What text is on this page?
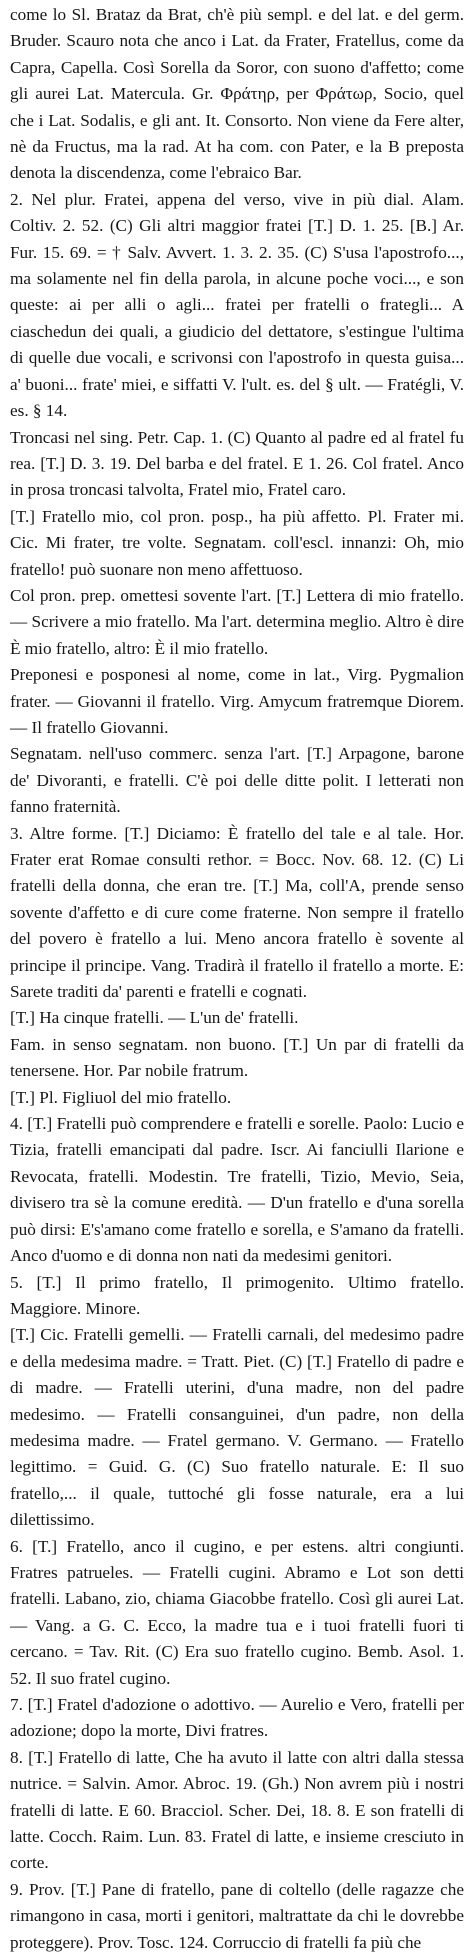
come lo Sl. Brataz da Brat, ch'è più sempl. e del lat. e del germ. Bruder. Scauro nota che anco i Lat. da Frater, Fratellus, come da Capra, Capella. Così Sorella da Soror, con suono d'affetto; come gli aurei Lat. Matercula. Gr. Φράτηρ, per Φράτωρ, Socio, quel che i Lat. Sodalis, e gli ant. It. Consorto. Non viene da Fere alter, nè da Fructus, ma la rad. At ha com. con Pater, e la B preposta denota la discendenza, come l'ebraico Bar.

2. Nel plur. Fratei, appena del verso, vive in più dial. Alam. Coltiv. 2. 52. (C) Gli altri maggior fratei [T.] D. 1. 25. [B.] Ar. Fur. 15. 69. = † Salv. Avvert. 1. 3. 2. 35. (C) S'usa l'apostrofo..., ma solamente nel fin della parola, in alcune poche voci..., e son queste: ai per alli o agli... fratei per fratelli o frategli... A ciaschedun dei quali, a giudicio del dettatore, s'estingue l'ultima di quelle due vocali, e scrivonsi con l'apostrofo in questa guisa... a' buoni... frate' miei, e siffatti V. l'ult. es. del § ult. — Fratégli, V. es. § 14.

Troncasi nel sing. Petr. Cap. 1. (C) Quanto al padre ed al fratel fu rea. [T.] D. 3. 19. Del barba e del fratel. E 1. 26. Col fratel. Anco in prosa troncasi talvolta, Fratel mio, Fratel caro.

[T.] Fratello mio, col pron. posp., ha più affetto. Pl. Frater mi. Cic. Mi frater, tre volte. Segnatam. coll'escl. innanzi: Oh, mio fratello! può suonare non meno affettuoso.

Col pron. prep. omettesi sovente l'art. [T.] Lettera di mio fratello. — Scrivere a mio fratello. Ma l'art. determina meglio. Altro è dire È mio fratello, altro: È il mio fratello.

Preponesi e posponesi al nome, come in lat., Virg. Pygmalion frater. — Giovanni il fratello. Virg. Amycum fratremque Diorem. — Il fratello Giovanni.

Segnatam. nell'uso commerc. senza l'art. [T.] Arpagone, barone de' Divoranti, e fratelli. C'è poi delle ditte polit. I letterati non fanno fraternità.

3. Altre forme. [T.] Diciamo: È fratello del tale e al tale. Hor. Frater erat Romae consulti rethor. = Bocc. Nov. 68. 12. (C) Li fratelli della donna, che eran tre. [T.] Ma, coll'A, prende senso sovente d'affetto e di cure come fraterne. Non sempre il fratello del povero è fratello a lui. Meno ancora fratello è sovente al principe il principe. Vang. Tradirà il fratello il fratello a morte. E: Sarete traditi da' parenti e fratelli e cognati.

[T.] Ha cinque fratelli. — L'un de' fratelli.

Fam. in senso segnatam. non buono. [T.] Un par di fratelli da tenersene. Hor. Par nobile fratrum.

[T.] Pl. Figliuol del mio fratello.

4. [T.] Fratelli può comprendere e fratelli e sorelle. Paolo: Lucio e Tizia, fratelli emancipati dal padre. Iscr. Ai fanciulli Ilarione e Revocata, fratelli. Modestin. Tre fratelli, Tizio, Mevio, Seia, divisero tra sè la comune eredità. — D'un fratello e d'una sorella può dirsi: E's'amano come fratello e sorella, e S'amano da fratelli. Anco d'uomo e di donna non nati da medesimi genitori.

5. [T.] Il primo fratello, Il primogenito. Ultimo fratello. Maggiore. Minore.

[T.] Cic. Fratelli gemelli. — Fratelli carnali, del medesimo padre e della medesima madre. = Tratt. Piet. (C) [T.] Fratello di padre e di madre. — Fratelli uterini, d'una madre, non del padre medesimo. — Fratelli consanguinei, d'un padre, non della medesima madre. — Fratel germano. V. Germano. — Fratello legittimo. = Guid. G. (C) Suo fratello naturale. E: Il suo fratello,... il quale, tuttoché gli fosse naturale, era a lui dilettissimo.

6. [T.] Fratello, anco il cugino, e per estens. altri congiunti. Fratres patrueles. — Fratelli cugini. Abramo e Lot son detti fratelli. Labano, zio, chiama Giacobbe fratello. Così gli aurei Lat. — Vang. a G. C. Ecco, la madre tua e i tuoi fratelli fuori ti cercano. = Tav. Rit. (C) Era suo fratello cugino. Bemb. Asol. 1. 52. Il suo fratel cugino.

7. [T.] Fratel d'adozione o adottivo. — Aurelio e Vero, fratelli per adozione; dopo la morte, Divi fratres.

8. [T.] Fratello di latte, Che ha avuto il latte con altri dalla stessa nutrice. = Salvin. Amor. Abroc. 19. (Gh.) Non avrem più i nostri fratelli di latte. E 60. Bracciol. Scher. Dei, 18. 8. E son fratelli di latte. Cocch. Raim. Lun. 83. Fratel di latte, e insieme cresciuto in corte.

9. Prov. [T.] Pane di fratello, pane di coltello (delle ragazze che rimangono in casa, morti i genitori, maltrattate da chi le dovrebbe proteggere). Prov. Tosc. 124. Corruccio di fratelli fa più che
